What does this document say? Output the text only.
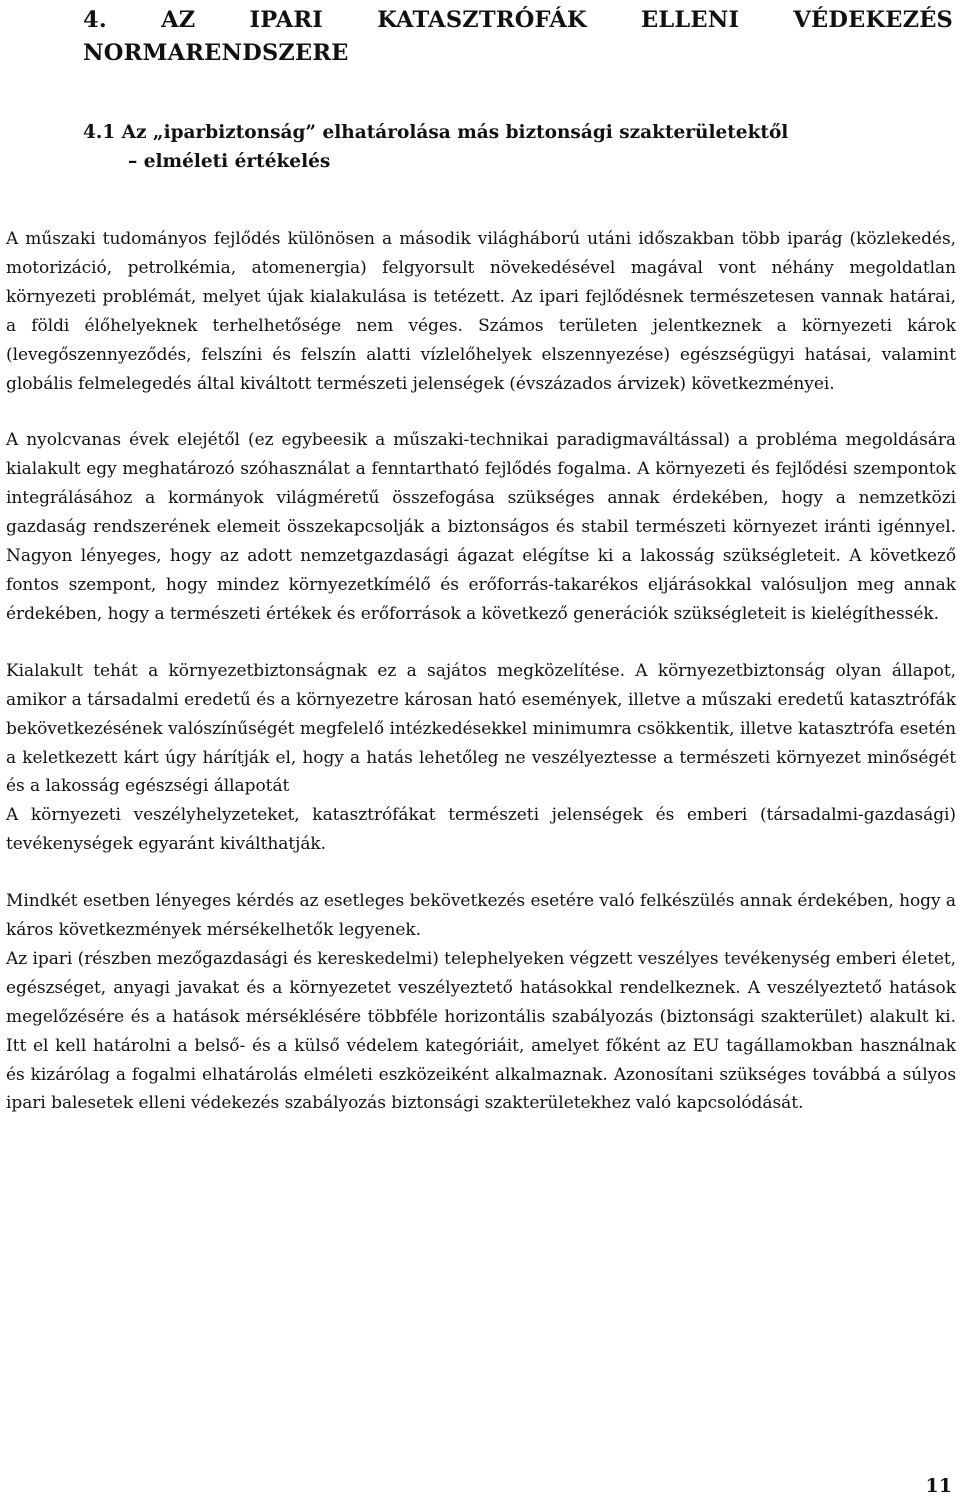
4. AZ IPARI KATASZTRÓFÁK ELLENI VÉDEKEZÉS NORMARENDSZERE
4.1 Az „iparbiztonság” elhatárolása más biztonsági szakterületektől
– elméleti értékelés

A műszaki tudományos fejlődés különösen a második világháború utáni időszakban több iparág (közlekedés, motorizáció, petrolkémia, atomenergia) felgyorsult növekedésével magával vont néhány megoldatlan környezeti problémát, melyet újak kialakulása is tetézett. Az ipari fejlődésnek természetesen vannak határai, a földi élőhelyeknek terhelhetősége nem véges. Számos területen jelentkeznek a környezeti károk (levegőszennyeződés, felszíni és felszín alatti vízlelőhelyek elszennyezése) egészségügyi hatásai, valamint globális felmelegedés által kiváltott természeti jelenségek (évszázados árvizek) következményei.

A nyolcvanas évek elejétől (ez egybeesik a műszaki-technikai paradigmaváltással) a probléma megoldására kialakult egy meghatározó szóhasználat a fenntartható fejlődés fogalma. A környezeti és fejlődési szempontok integrálásához a kormányok világméretű összefogása szükséges annak érdekében, hogy a nemzetközi gazdaság rendszerének elemeit összekapcsolják a biztonságos és stabil természeti környezet iránti igénnyel. Nagyon lényeges, hogy az adott nemzetgazdasági ágazat elégítse ki a lakosság szükségleteit. A következő fontos szempont, hogy mindez környezetkímélő és erőforrás-takarékos eljárásokkal valósuljon meg annak érdekében, hogy a természeti értékek és erőforrások a következő generációk szükségleteit is kielégíthessék.

Kialakult tehát a környezetbiztonságnak ez a sajátos megközelítése. A környezetbiztonság olyan állapot, amikor a társadalmi eredetű és a környezetre károsan ható események, illetve a műszaki eredetű katasztrófák bekövetkezésének valószínűségét megfelelő intézkedésekkel minimumra csökkentik, illetve katasztrófa esetén a keletkezett kárt úgy hárítják el, hogy a hatás lehetőleg ne veszélyeztesse a természeti környezet minőségét és a lakosság egészségi állapotát

A környezeti veszélyhelyzeteket, katasztrófákat természeti jelenségek és emberi (társadalmi-gazdasági) tevékenységek egyaránt kiválthatják.

Mindkét esetben lényeges kérdés az esetleges bekövetkezés esetére való felkészülés annak érdekében, hogy a káros következmények mérsékelhetők legyenek.

Az ipari (részben mezőgazdasági és kereskedelmi) telephelyeken végzett veszélyes tevékenység emberi életet, egészséget, anyagi javakat és a környezetet veszélyeztető hatásokkal rendelkeznek. A veszélyeztető hatások megelőzésére és a hatások mérséklésére többféle horizontális szabályozás (biztonsági szakterület) alakult ki. Itt el kell határolni a belső- és a külső védelem kategóriáit, amelyet főként az EU tagállamokban használnak és kizárólag a fogalmi elhatárolás elméleti eszközeiként alkalmaznak. Azonosítani szükséges továbbá a súlyos ipari balesetek elleni védekezés szabályozás biztonsági szakterületekhez való kapcsolódását.

11
